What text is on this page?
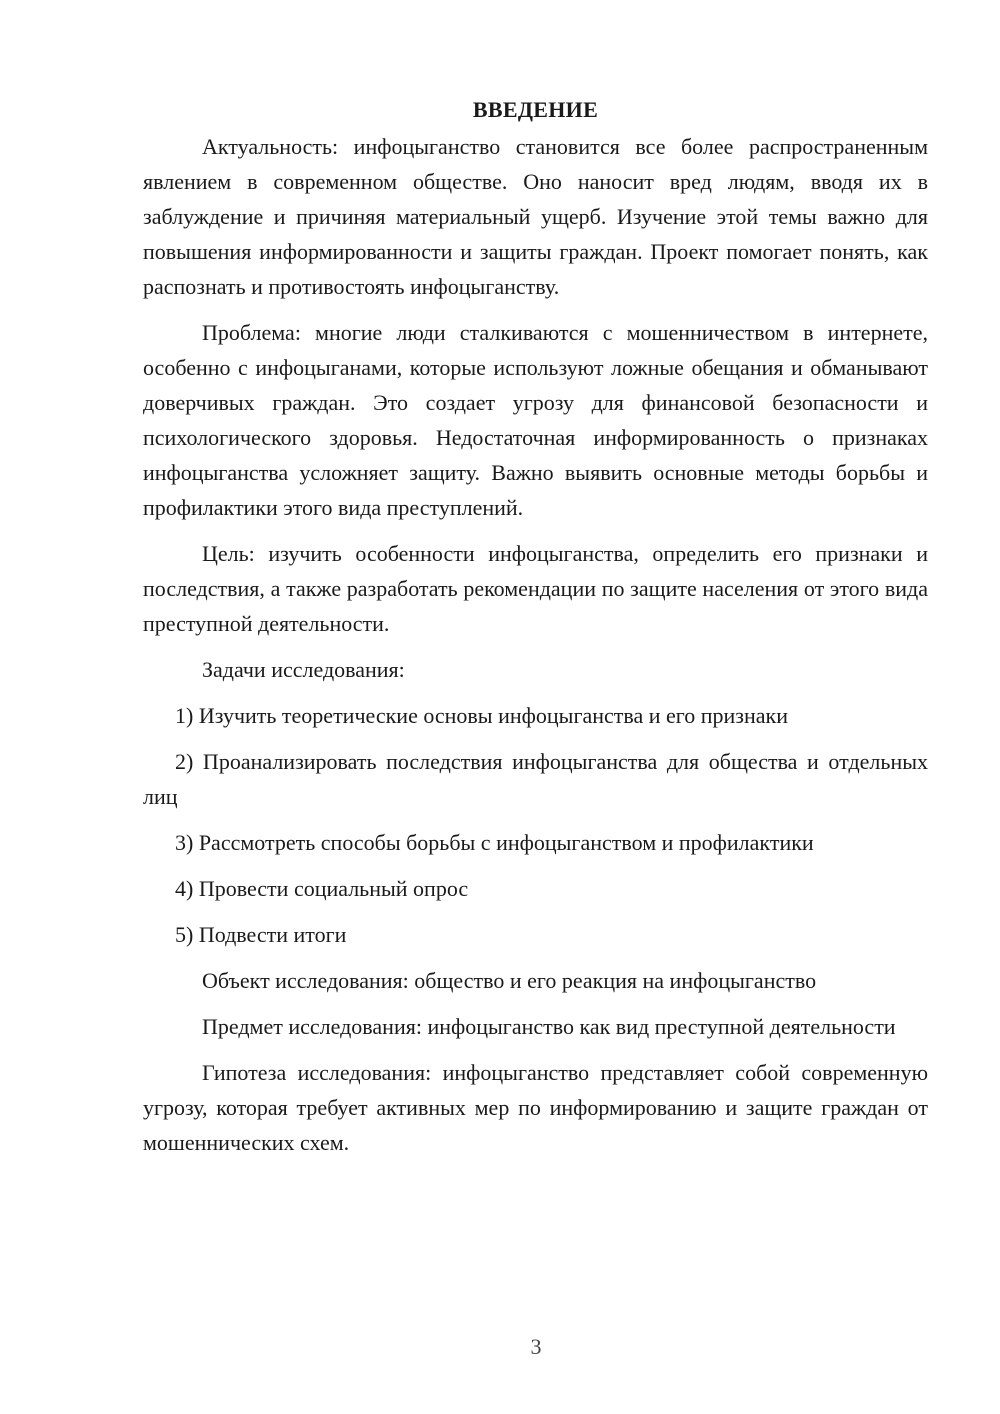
ВВЕДЕНИЕ

Актуальность: инфоцыганство становится все более распространенным явлением в современном обществе. Оно наносит вред людям, вводя их в заблуждение и причиняя материальный ущерб. Изучение этой темы важно для повышения информированности и защиты граждан. Проект помогает понять, как распознать и противостоять инфоцыганству.

Проблема: многие люди сталкиваются с мошенничеством в интернете, особенно с инфоцыганами, которые используют ложные обещания и обманывают доверчивых граждан. Это создает угрозу для финансовой безопасности и психологического здоровья. Недостаточная информированность о признаках инфоцыганства усложняет защиту. Важно выявить основные методы борьбы и профилактики этого вида преступлений.

Цель: изучить особенности инфоцыганства, определить его признаки и последствия, а также разработать рекомендации по защите населения от этого вида преступной деятельности.

Задачи исследования:

1) Изучить теоретические основы инфоцыганства и его признаки

2) Проанализировать последствия инфоцыганства для общества и отдельных лиц

3) Рассмотреть способы борьбы с инфоцыганством и профилактики

4) Провести социальный опрос

5) Подвести итоги

Объект исследования: общество и его реакция на инфоцыганство

Предмет исследования: инфоцыганство как вид преступной деятельности

Гипотеза исследования: инфоцыганство представляет собой современную угрозу, которая требует активных мер по информированию и защите граждан от мошеннических схем.

3
